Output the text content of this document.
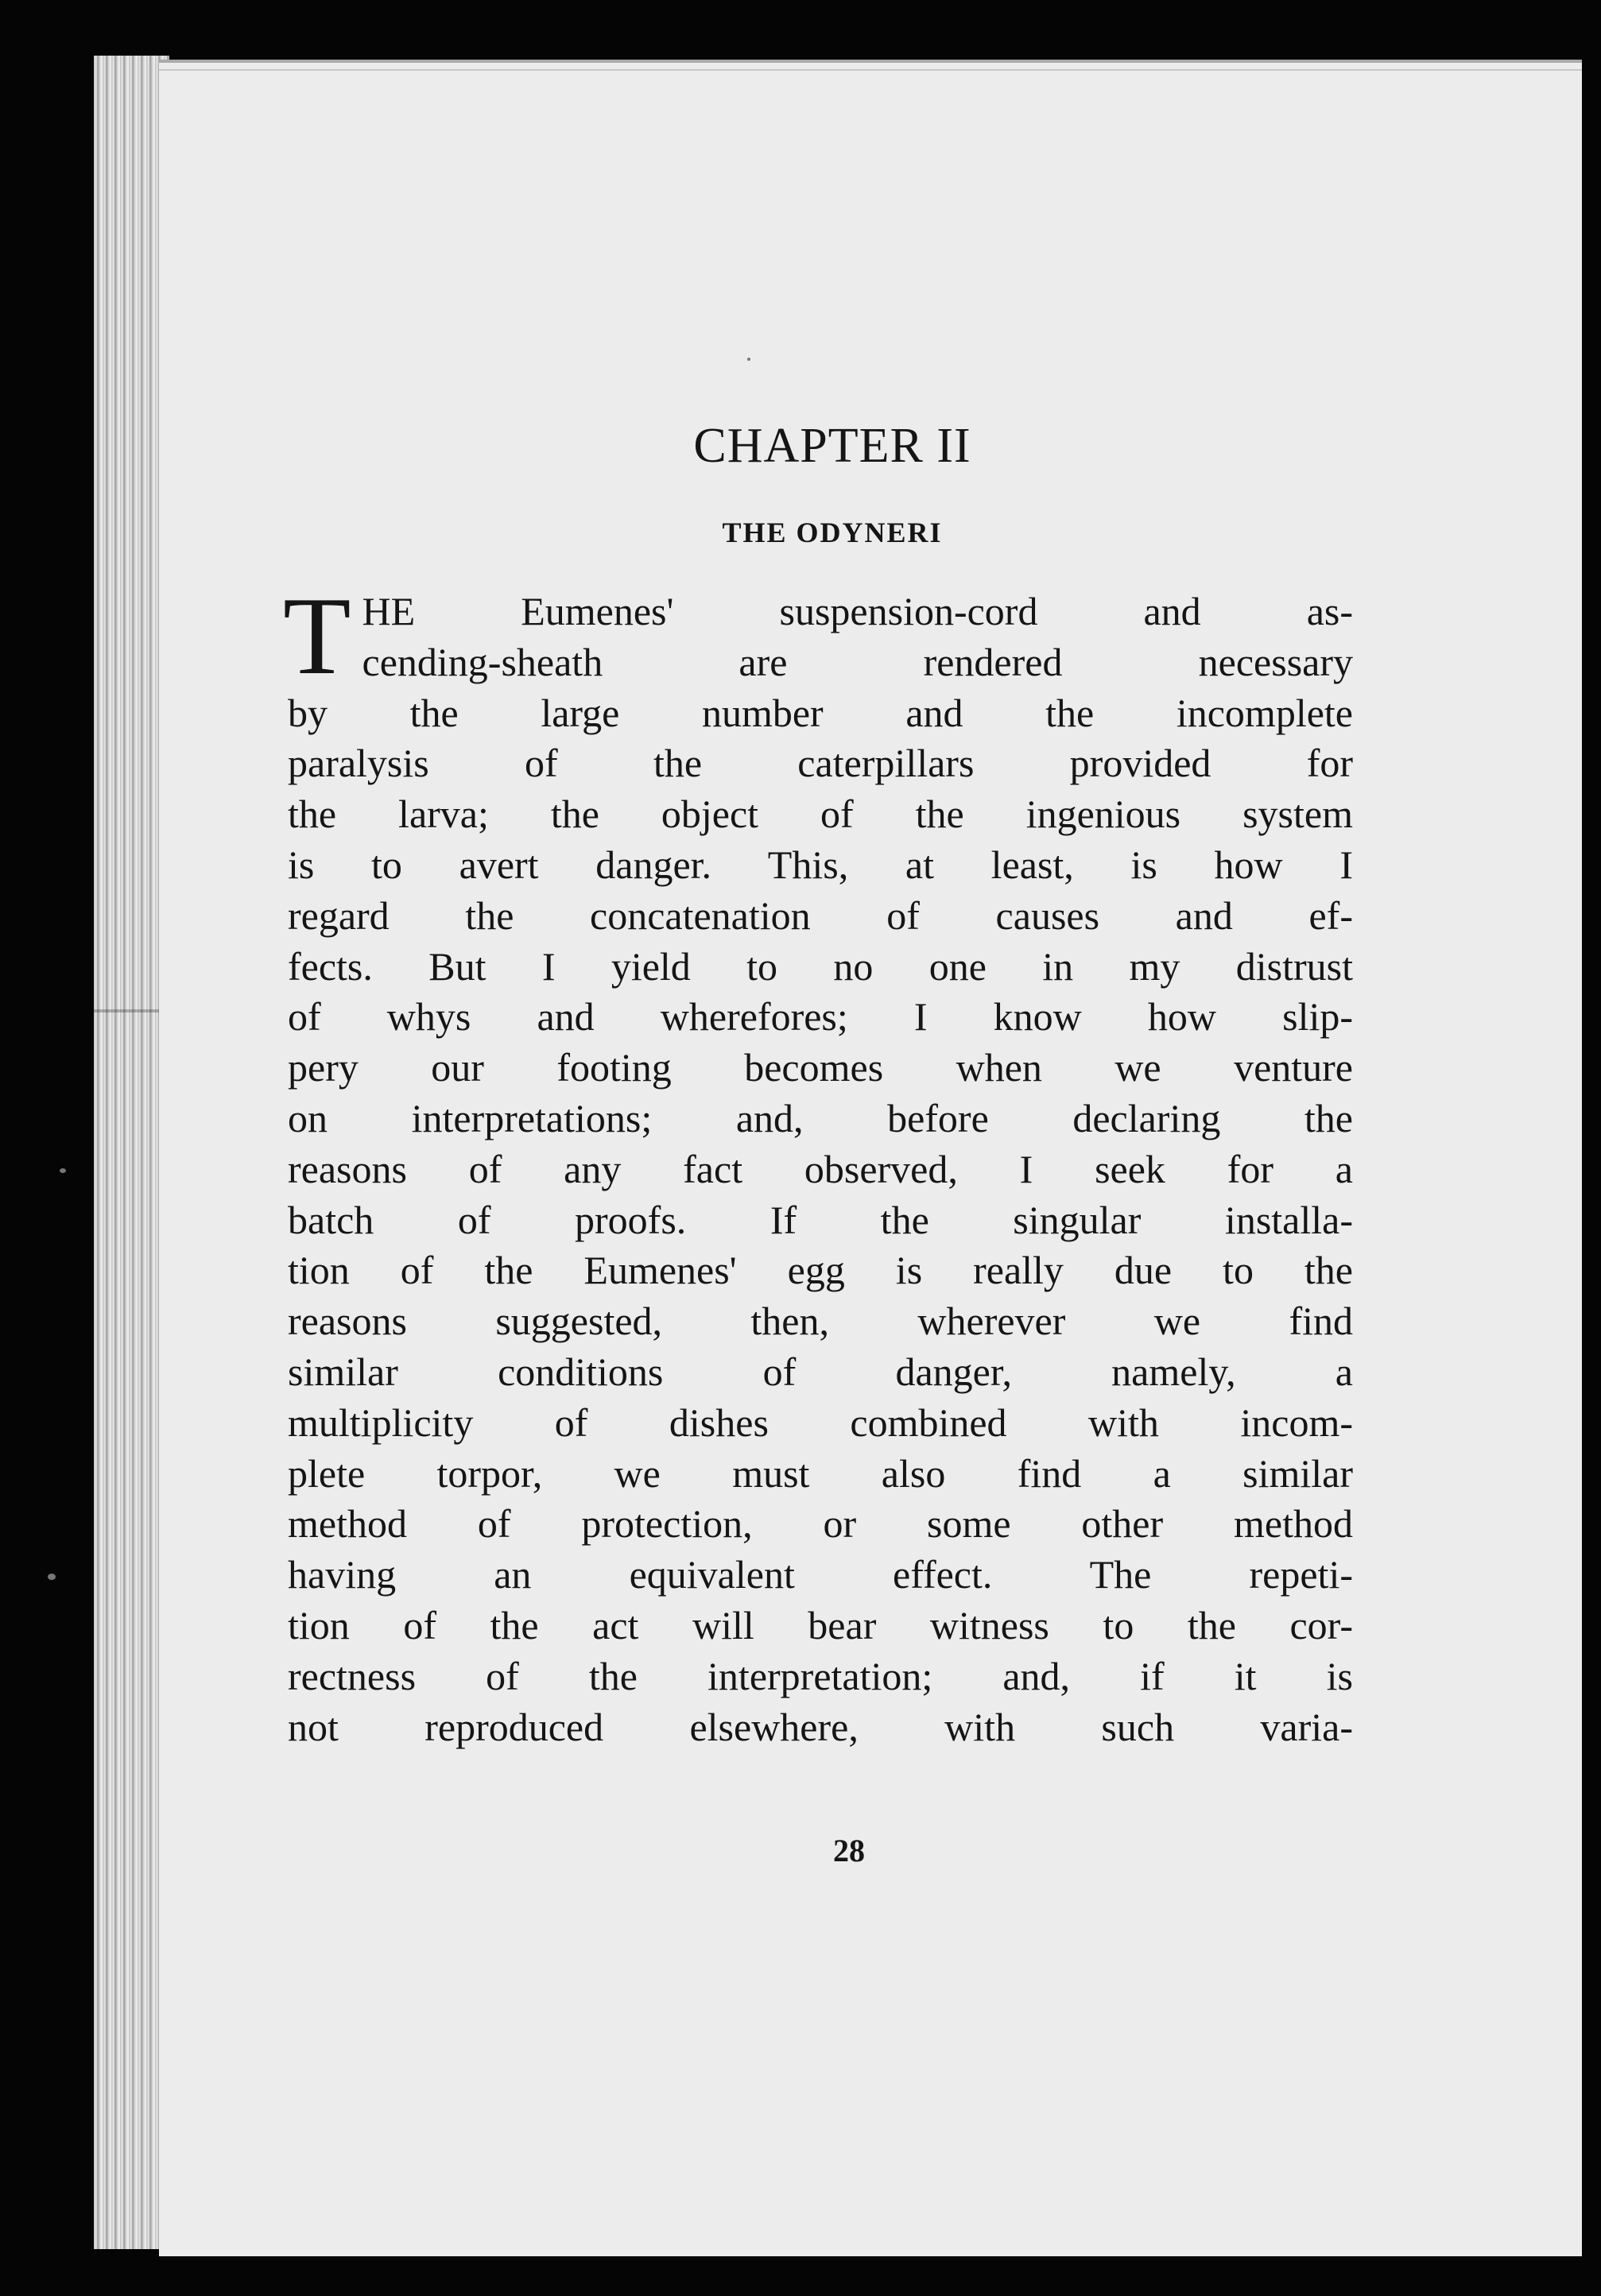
CHAPTER II
THE ODYNERI
T HE Eumenes' suspension-cord and as-
cending-sheath are rendered necessary
by the large number and the incomplete
paralysis of the caterpillars provided for
the larva; the object of the ingenious system
is to avert danger. This, at least, is how I
regard the concatenation of causes and ef-
fects. But I yield to no one in my distrust
of whys and wherefores; I know how slip-
pery our footing becomes when we venture
on interpretations; and, before declaring the
reasons of any fact observed, I seek for a
batch of proofs. If the singular installa-
tion of the Eumenes' egg is really due to the
reasons suggested, then, wherever we find
similar conditions of danger, namely, a
multiplicity of dishes combined with incom-
plete torpor, we must also find a similar
method of protection, or some other method
having an equivalent effect. The repeti-
tion of the act will bear witness to the cor-
rectness of the interpretation; and, if it is
not reproduced elsewhere, with such varia-
28
